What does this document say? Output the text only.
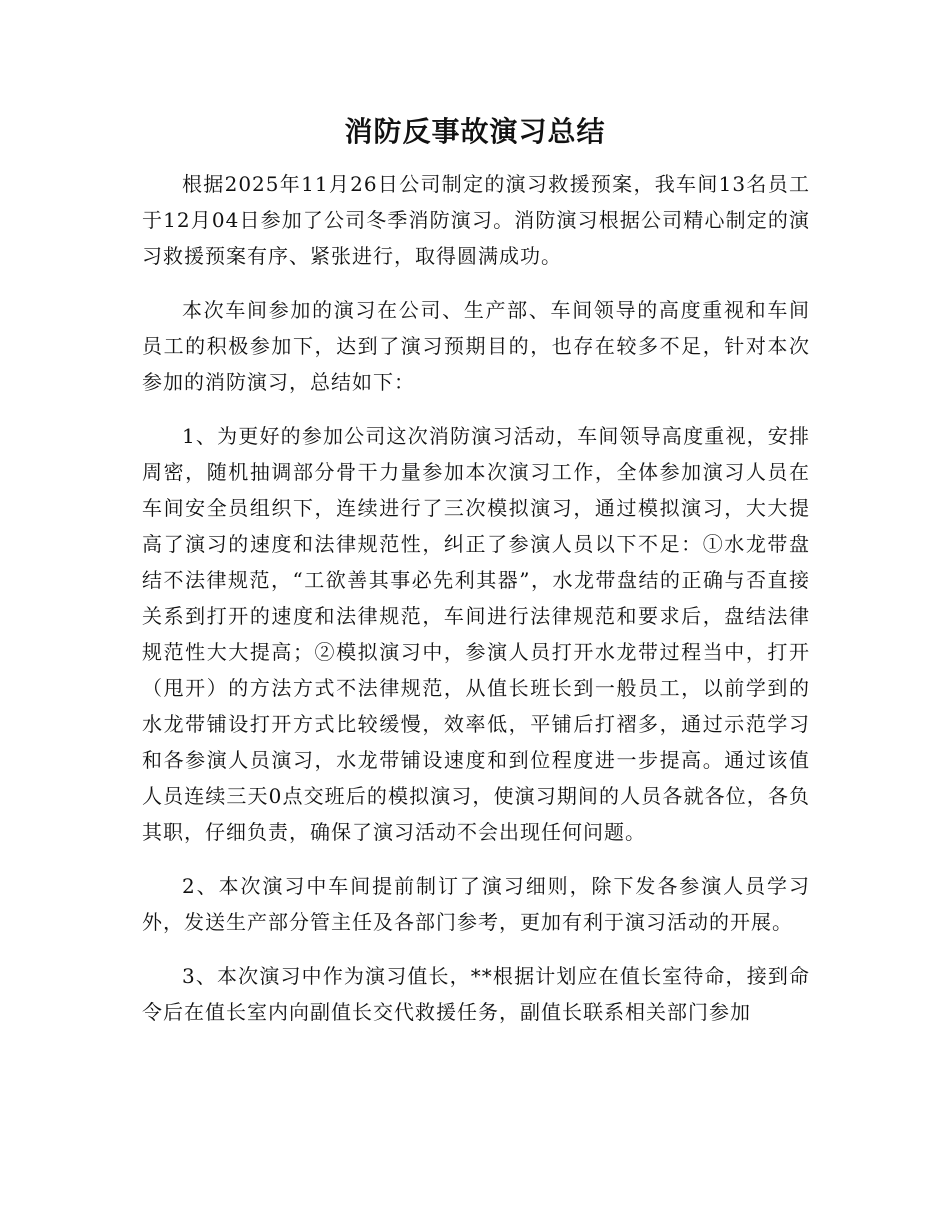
消防反事故演习总结

根据2025年11月26日公司制定的演习救援预案，我车间13名员工于12月04日参加了公司冬季消防演习。消防演习根据公司精心制定的演习救援预案有序、紧张进行，取得圆满成功。

本次车间参加的演习在公司、生产部、车间领导的高度重视和车间员工的积极参加下，达到了演习预期目的，也存在较多不足，针对本次参加的消防演习，总结如下：

1、为更好的参加公司这次消防演习活动，车间领导高度重视，安排周密，随机抽调部分骨干力量参加本次演习工作，全体参加演习人员在车间安全员组织下，连续进行了三次模拟演习，通过模拟演习，大大提高了演习的速度和法律规范性，纠正了参演人员以下不足：①水龙带盘结不法律规范，“工欲善其事必先利其器”，水龙带盘结的正确与否直接关系到打开的速度和法律规范，车间进行法律规范和要求后，盘结法律规范性大大提高；②模拟演习中，参演人员打开水龙带过程当中，打开（甩开）的方法方式不法律规范，从值长班长到一般员工，以前学到的水龙带铺设打开方式比较缓慢，效率低，平铺后打褶多，通过示范学习和各参演人员演习，水龙带铺设速度和到位程度进一步提高。通过该值人员连续三天0点交班后的模拟演习，使演习期间的人员各就各位，各负其职，仔细负责，确保了演习活动不会出现任何问题。

2、本次演习中车间提前制订了演习细则，除下发各参演人员学习外，发送生产部分管主任及各部门参考，更加有利于演习活动的开展。

3、本次演习中作为演习值长，**根据计划应在值长室待命，接到命令后在值长室内向副值长交代救援任务，副值长联系相关部门参加
